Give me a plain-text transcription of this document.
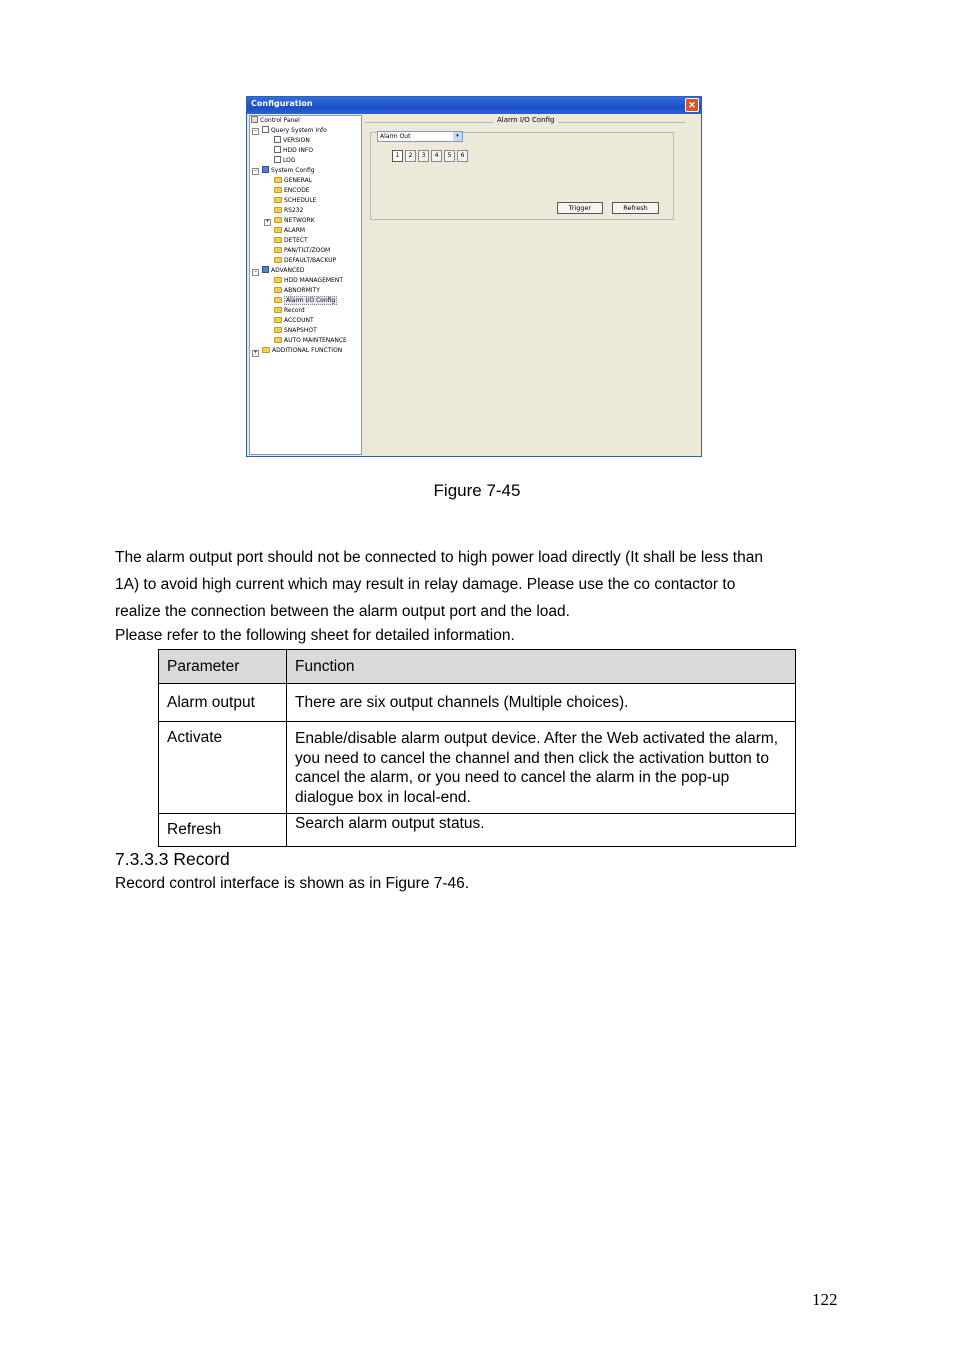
Configuration	✕
−
−
+
−
+
Control Panel
Query System Info
VERSION
HDD INFO
LOG
System Config
GENERAL
ENCODE
SCHEDULE
RS232
NETWORK
ALARM
DETECT
PAN/TILT/ZOOM
DEFAULT/BACKUP
ADVANCED
HDD MANAGEMENT
ABNORMITY
Alarm I/O Config
Record
ACCOUNT
SNAPSHOT
AUTO MAINTENANCE
ADDITIONAL FUNCTION
Alarm I/O Config
Alarm Out	▾
1	2	3	4	5	6
Trigger	Refresh
Figure 7-45
The alarm output port should not be connected to high power load directly (It shall be less than
1A) to avoid high current which may result in relay damage. Please use the co contactor to
realize the connection between the alarm output port and the load.
Please refer to the following sheet for detailed information.
Parameter	Function
Alarm output	There are six output channels (Multiple choices).
Activate	Enable/disable alarm output device. After the Web activated the alarm, you need to cancel the channel and then click the activation button to cancel the alarm, or you need to cancel the alarm in the pop-up dialogue box in local-end.
Refresh	Search alarm output status.
7.3.3.3 Record
Record control interface is shown as in Figure 7-46.
122
